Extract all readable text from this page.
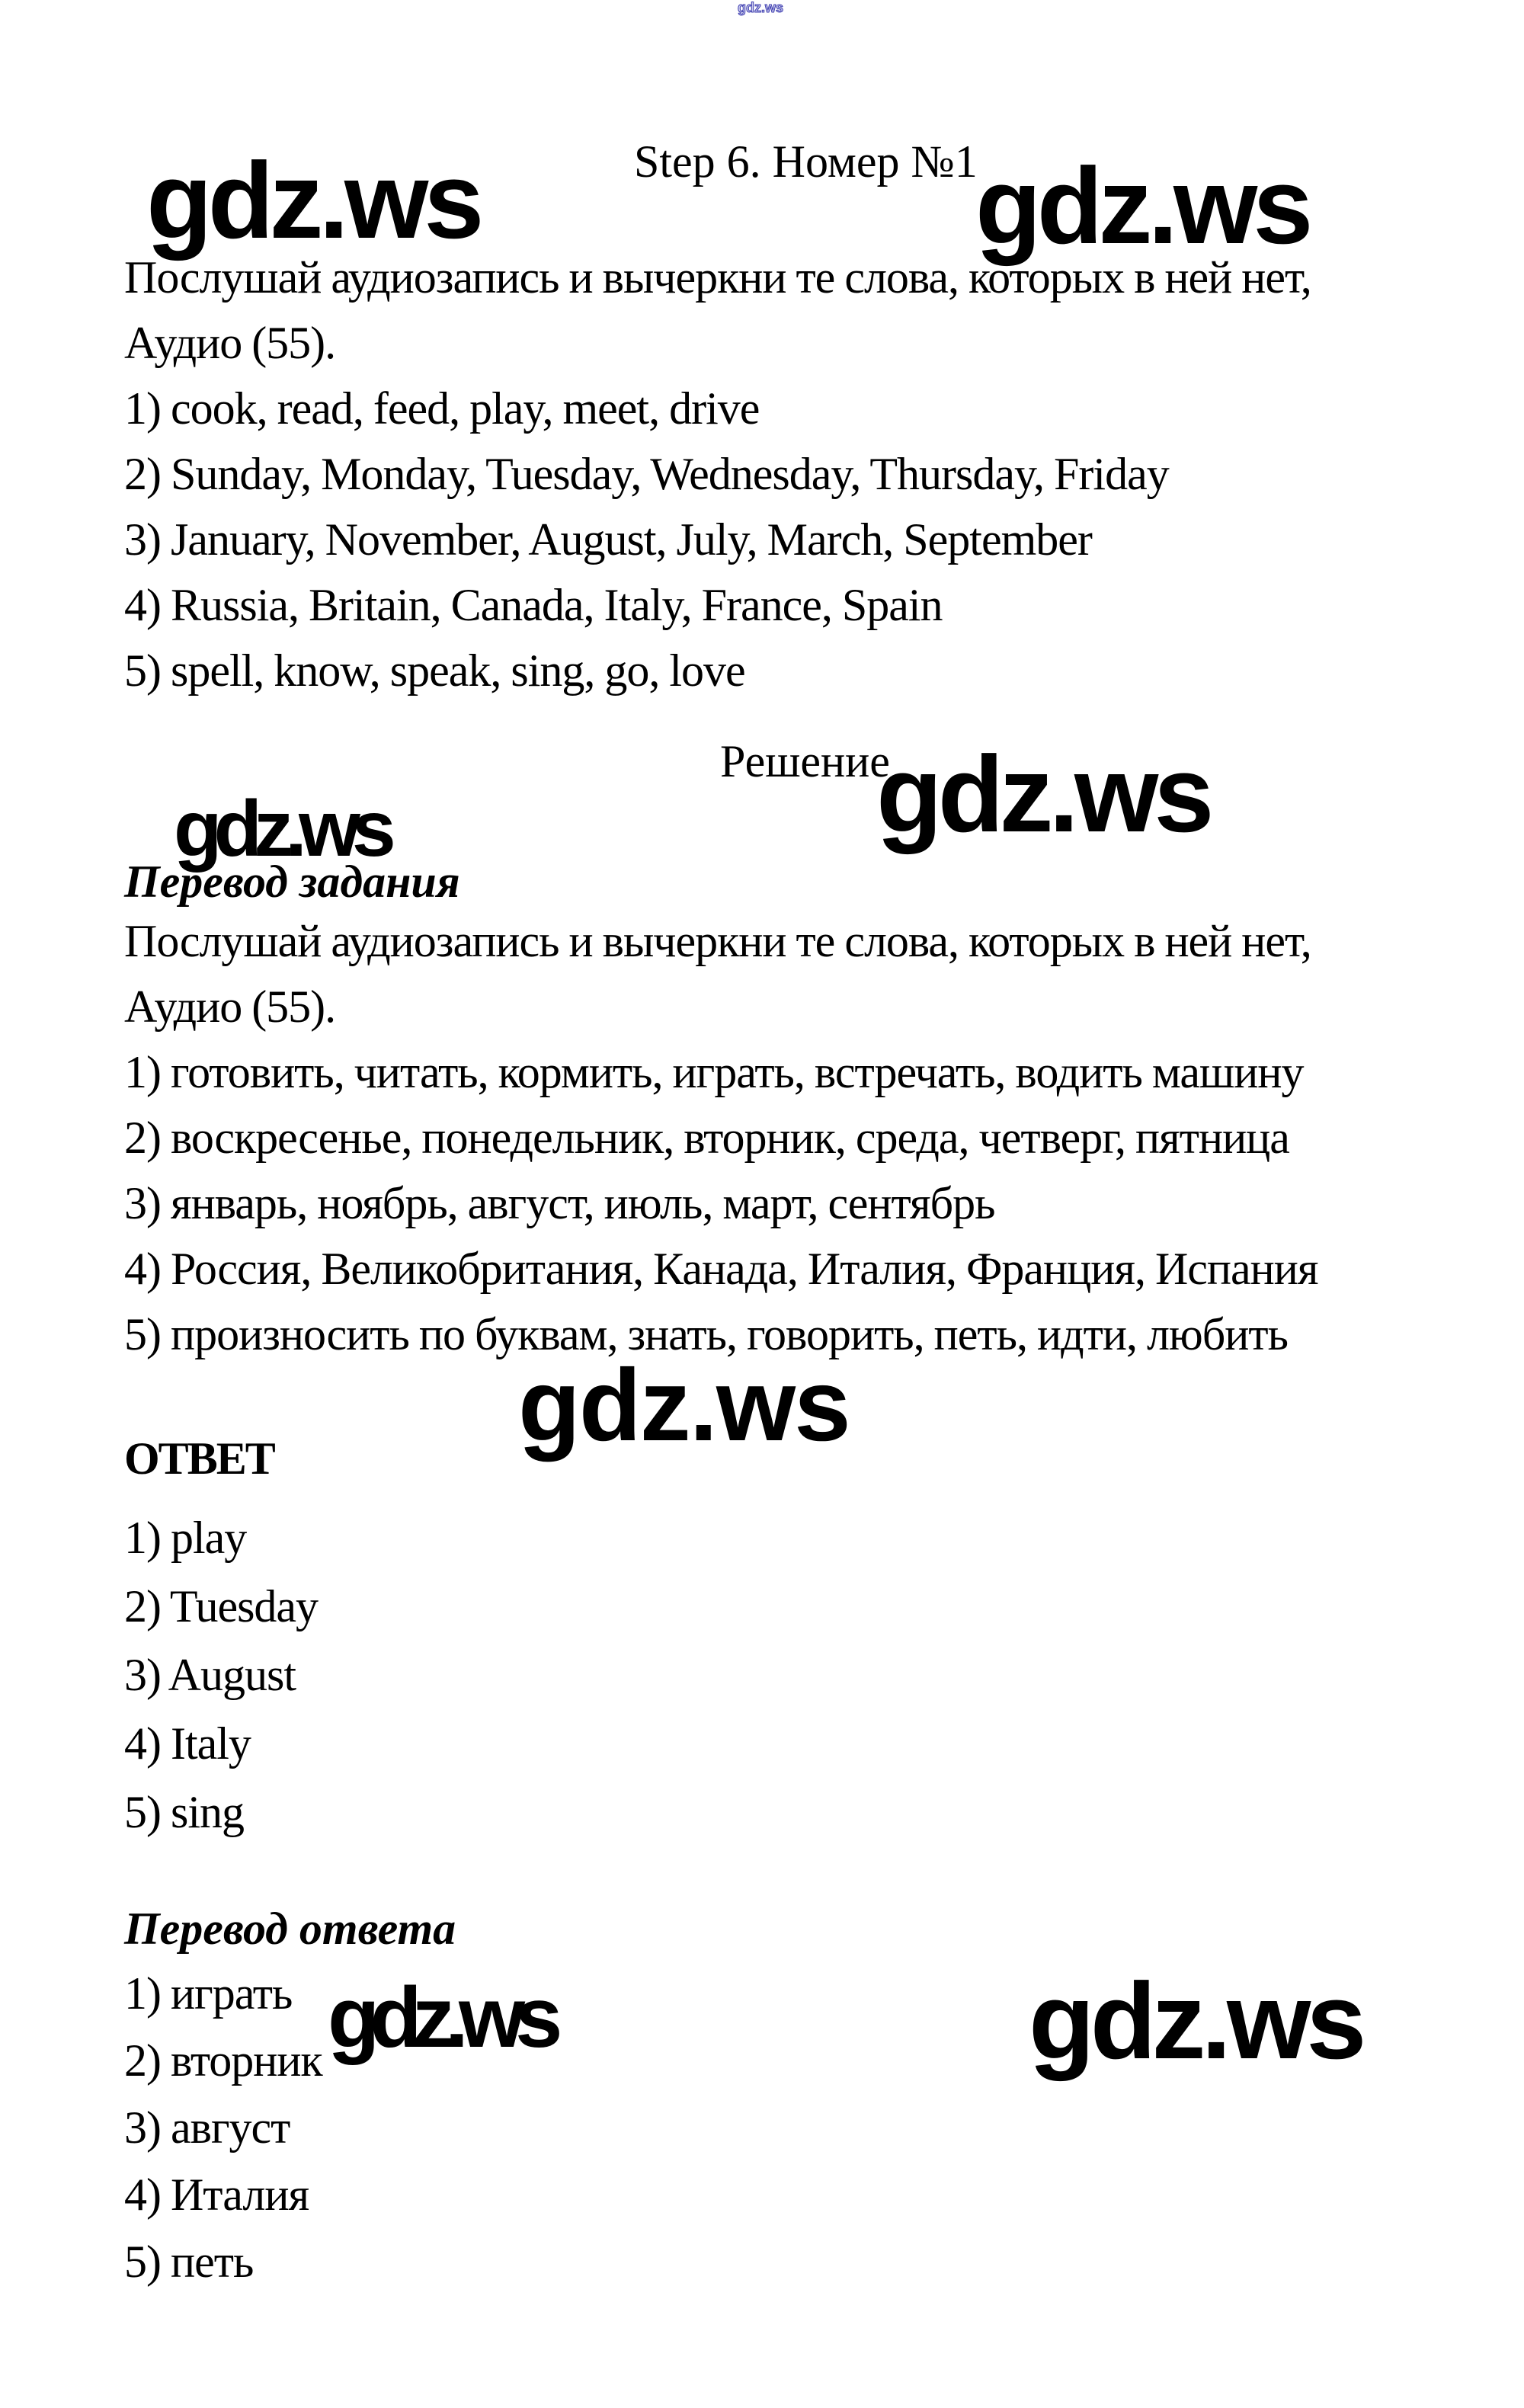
gdz.ws
gdz.ws	gdz.ws
gdz.ws
gdz.ws
gdz.ws
gdz.ws	gdz.ws
Step 6. Номер №1
Послушай аудиозапись и вычеркни те слова, которых в ней нет,
Аудио (55).
1) cook, read, feed, play, meet, drive
2) Sunday, Monday, Tuesday, Wednesday, Thursday, Friday
3) January, November, August, July, March, September
4) Russia, Britain, Canada, Italy, France, Spain
5) spell, know, speak, sing, go, love
Решение
Перевод задания
Послушай аудиозапись и вычеркни те слова, которых в ней нет,
Аудио (55).
1) готовить, читать, кормить, играть, встречать, водить машину
2) воскресенье, понедельник, вторник, среда, четверг, пятница
3) январь, ноябрь, август, июль, март, сентябрь
4) Россия, Великобритания, Канада, Италия, Франция, Испания
5) произносить по буквам, знать, говорить, петь, идти, любить
ОТВЕТ
1) play
2) Tuesday
3) August
4) Italy
5) sing
Перевод ответа
1) играть
2) вторник
3) август
4) Италия
5) петь
